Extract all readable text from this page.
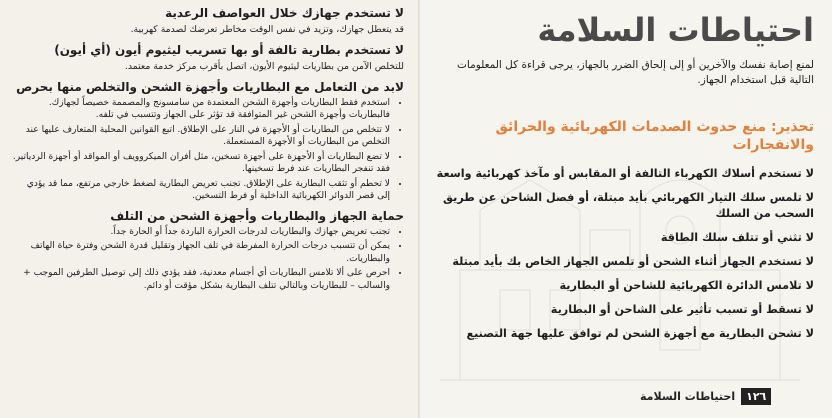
لا تستخدم جهازك خلال العواصف الرعدية

قد يتعطل جهازك، وتزيد في نفس الوقت مخاطر تعرضك لصدمة كهربية.

لا تستخدم بطارية تالفة أو بها تسريب ليثيوم أيون (أي أيون)

للتخلص الآمن من بطاريات ليثيوم الأيون، اتصل بأقرب مركز خدمة معتمد.

لابد من التعامل مع البطاريات وأجهزة الشحن والتخلص منها بحرص
• استخدم فقط البطاريات وأجهزة الشحن المعتمدة من سامسونج والمصممة خصيصاً لجهازك. فالبطاريات وأجهزة الشحن غير المتوافقة قد تؤثر على الجهاز وتتسبب في تلفه.
• لا تتخلص من البطاريات أو الأجهزة في النار على الإطلاق. اتبع القوانين المحلية المتعارف عليها عند التخلص من البطاريات أو الأجهزة المستعملة.
• لا تضع البطاريات أو الأجهزة على أجهزة تسخين، مثل أفران الميكروويف أو المواقد أو أجهزة الردياتير. فقد تنفجر البطاريات عند فرط تسخينها.
• لا تحطم أو تثقب البطارية على الإطلاق. تجنب تعريض البطارية لضغط خارجي مرتفع، مما قد يؤدي إلى قصر الدوائر الكهربائية الداخلية أو فرط التسخين.
حماية الجهاز والبطاريات وأجهزة الشحن من التلف
• تجنب تعريض جهازك والبطاريات لدرجات الحرارة الباردة جداً أو الحارة جداً.
• يمكن أن تتسبب درجات الحرارة المفرطة في تلف الجهاز وتقليل قدرة الشحن وفترة حياة الهاتف والبطاريات.
• احرص على ألا تلامس البطاريات أي أجسام معدنية، فقد يؤدي ذلك إلى توصيل الطرفين الموجب + والسالب – للبطاريات وبالتالي تتلف البطارية بشكل مؤقت أو دائم.
احتياطات السلامة

لمنع إصابة نفسك والآخرين أو إلى إلحاق الضرر بالجهاز، يرجى قراءة كل المعلومات التالية قبل استخدام الجهاز.

تحذير: منع حدوث الصدمات الكهربائية والحرائق والانفجارات
لا تستخدم أسلاك الكهرباء التالفة أو المقابس أو مآخذ كهربائية واسعة
لا تلمس سلك التيار الكهربائي بأيد مبتلة، أو فصل الشاحن عن طريق السحب من السلك
لا تثني أو تتلف سلك الطاقة
لا تستخدم الجهاز أثناء الشحن أو تلمس الجهاز الخاص بك بأيد مبتلة
لا تلامس الدائرة الكهربائية للشاحن أو البطارية
لا تسقط أو تسبب تأثير على الشاحن أو البطارية
لا تشحن البطارية مع أجهزة الشحن لم توافق عليها جهة التصنيع
١٢٦
احتياطات السلامة
